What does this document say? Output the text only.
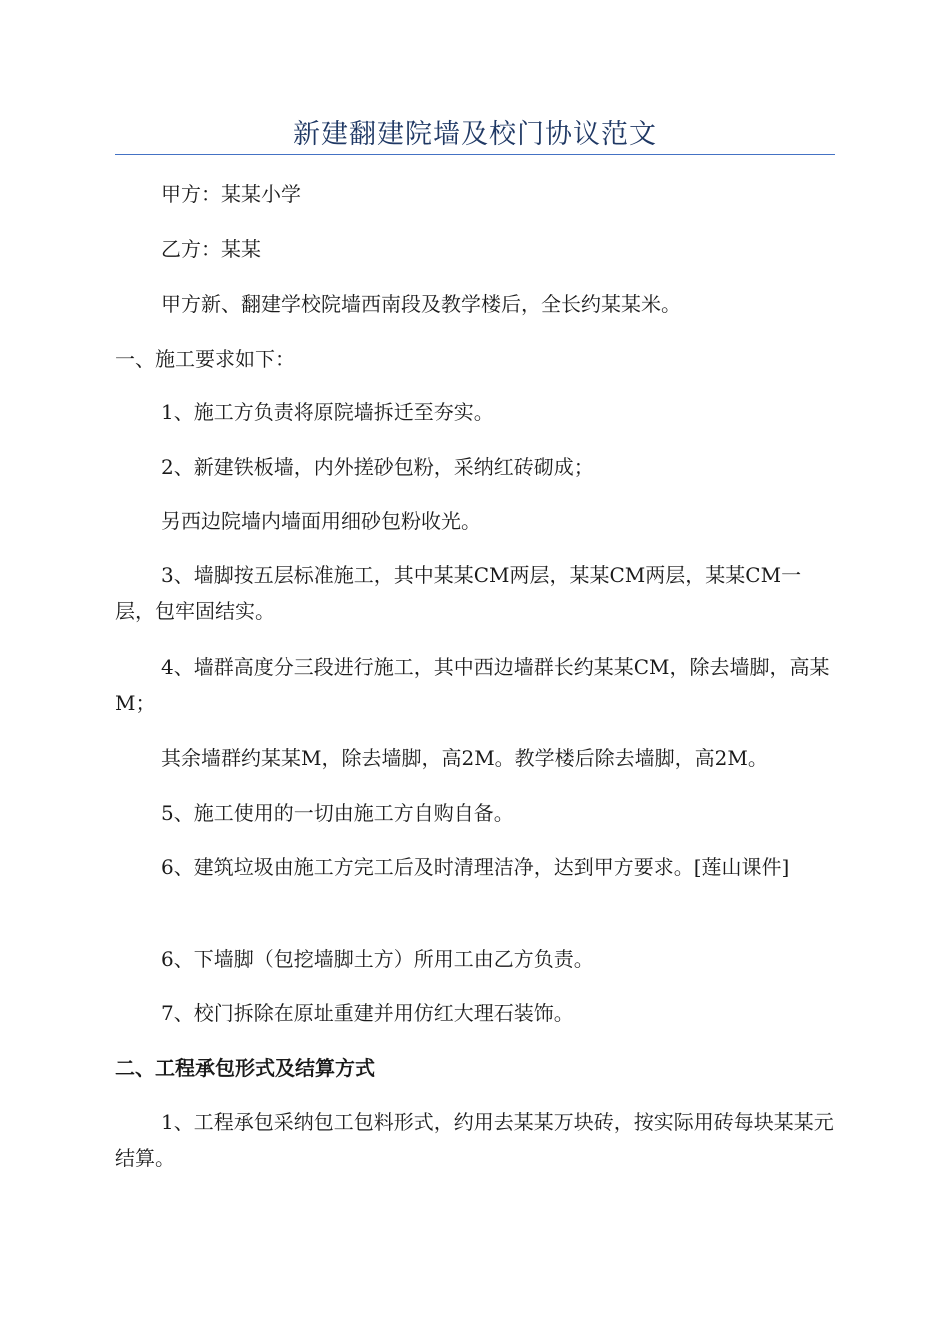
新建翻建院墙及校门协议范文

甲方：某某小学

乙方：某某

甲方新、翻建学校院墙西南段及教学楼后，全长约某某米。

一、施工要求如下：

1、施工方负责将原院墙拆迁至夯实。

2、新建铁板墙，内外搓砂包粉，采纳红砖砌成；

另西边院墙内墙面用细砂包粉收光。

3、墙脚按五层标准施工，其中某某CM两层，某某CM两层，某某CM一层，包牢固结实。

4、墙群高度分三段进行施工，其中西边墙群长约某某CM，除去墙脚，高某M；

其余墙群约某某M，除去墙脚，高2M。教学楼后除去墙脚，高2M。

5、施工使用的一切由施工方自购自备。

6、建筑垃圾由施工方完工后及时清理洁净，达到甲方要求。[莲山课件]

6、下墙脚（包挖墙脚土方）所用工由乙方负责。

7、校门拆除在原址重建并用仿红大理石装饰。

二、工程承包形式及结算方式

1、工程承包采纳包工包料形式，约用去某某万块砖，按实际用砖每块某某元结算。
